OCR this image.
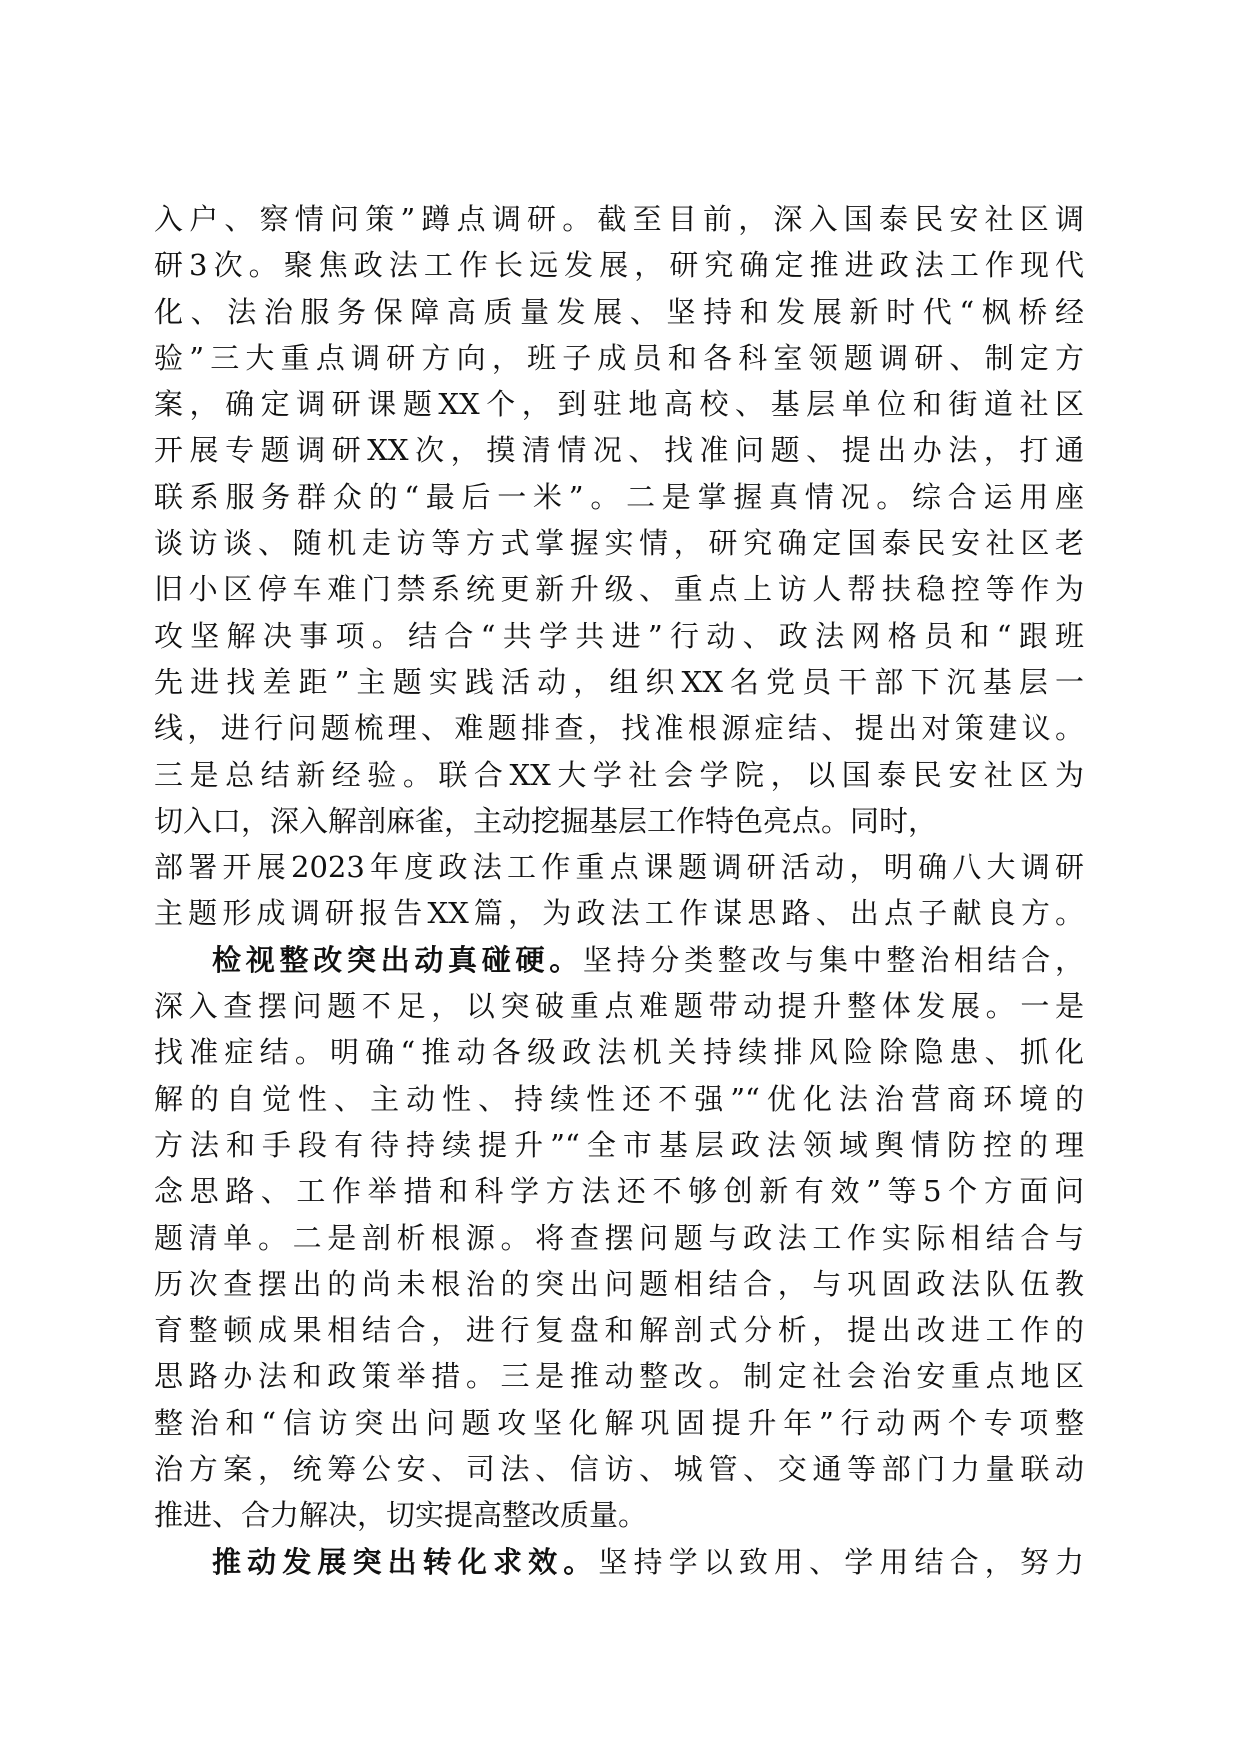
入户、察情问策”蹲点调研。截至目前，深入国泰民安社区调
研3次。聚焦政法工作长远发展，研究确定推进政法工作现代
化、法治服务保障高质量发展、坚持和发展新时代“枫桥经
验”三大重点调研方向，班子成员和各科室领题调研、制定方
案，确定调研课题XX个，到驻地高校、基层单位和街道社区
开展专题调研XX次，摸清情况、找准问题、提出办法，打通
联系服务群众的“最后一米”。二是掌握真情况。综合运用座
谈访谈、随机走访等方式掌握实情，研究确定国泰民安社区老
旧小区停车难门禁系统更新升级、重点上访人帮扶稳控等作为
攻坚解决事项。结合“共学共进”行动、政法网格员和“跟班
先进找差距”主题实践活动，组织XX名党员干部下沉基层一
线，进行问题梳理、难题排查，找准根源症结、提出对策建议。
三是总结新经验。联合XX大学社会学院，以国泰民安社区为
切入口，深入解剖麻雀，主动挖掘基层工作特色亮点。同时，
部署开展2023年度政法工作重点课题调研活动，明确八大调研
主题形成调研报告XX篇，为政法工作谋思路、出点子献良方。
检视整改突出动真碰硬。坚持分类整改与集中整治相结合，
深入查摆问题不足，以突破重点难题带动提升整体发展。一是
找准症结。明确“推动各级政法机关持续排风险除隐患、抓化
解的自觉性、主动性、持续性还不强”“优化法治营商环境的
方法和手段有待持续提升”“全市基层政法领域舆情防控的理
念思路、工作举措和科学方法还不够创新有效”等5个方面问
题清单。二是剖析根源。将查摆问题与政法工作实际相结合与
历次查摆出的尚未根治的突出问题相结合，与巩固政法队伍教
育整顿成果相结合，进行复盘和解剖式分析，提出改进工作的
思路办法和政策举措。三是推动整改。制定社会治安重点地区
整治和“信访突出问题攻坚化解巩固提升年”行动两个专项整
治方案，统筹公安、司法、信访、城管、交通等部门力量联动
推进、合力解决，切实提高整改质量。
推动发展突出转化求效。坚持学以致用、学用结合，努力
